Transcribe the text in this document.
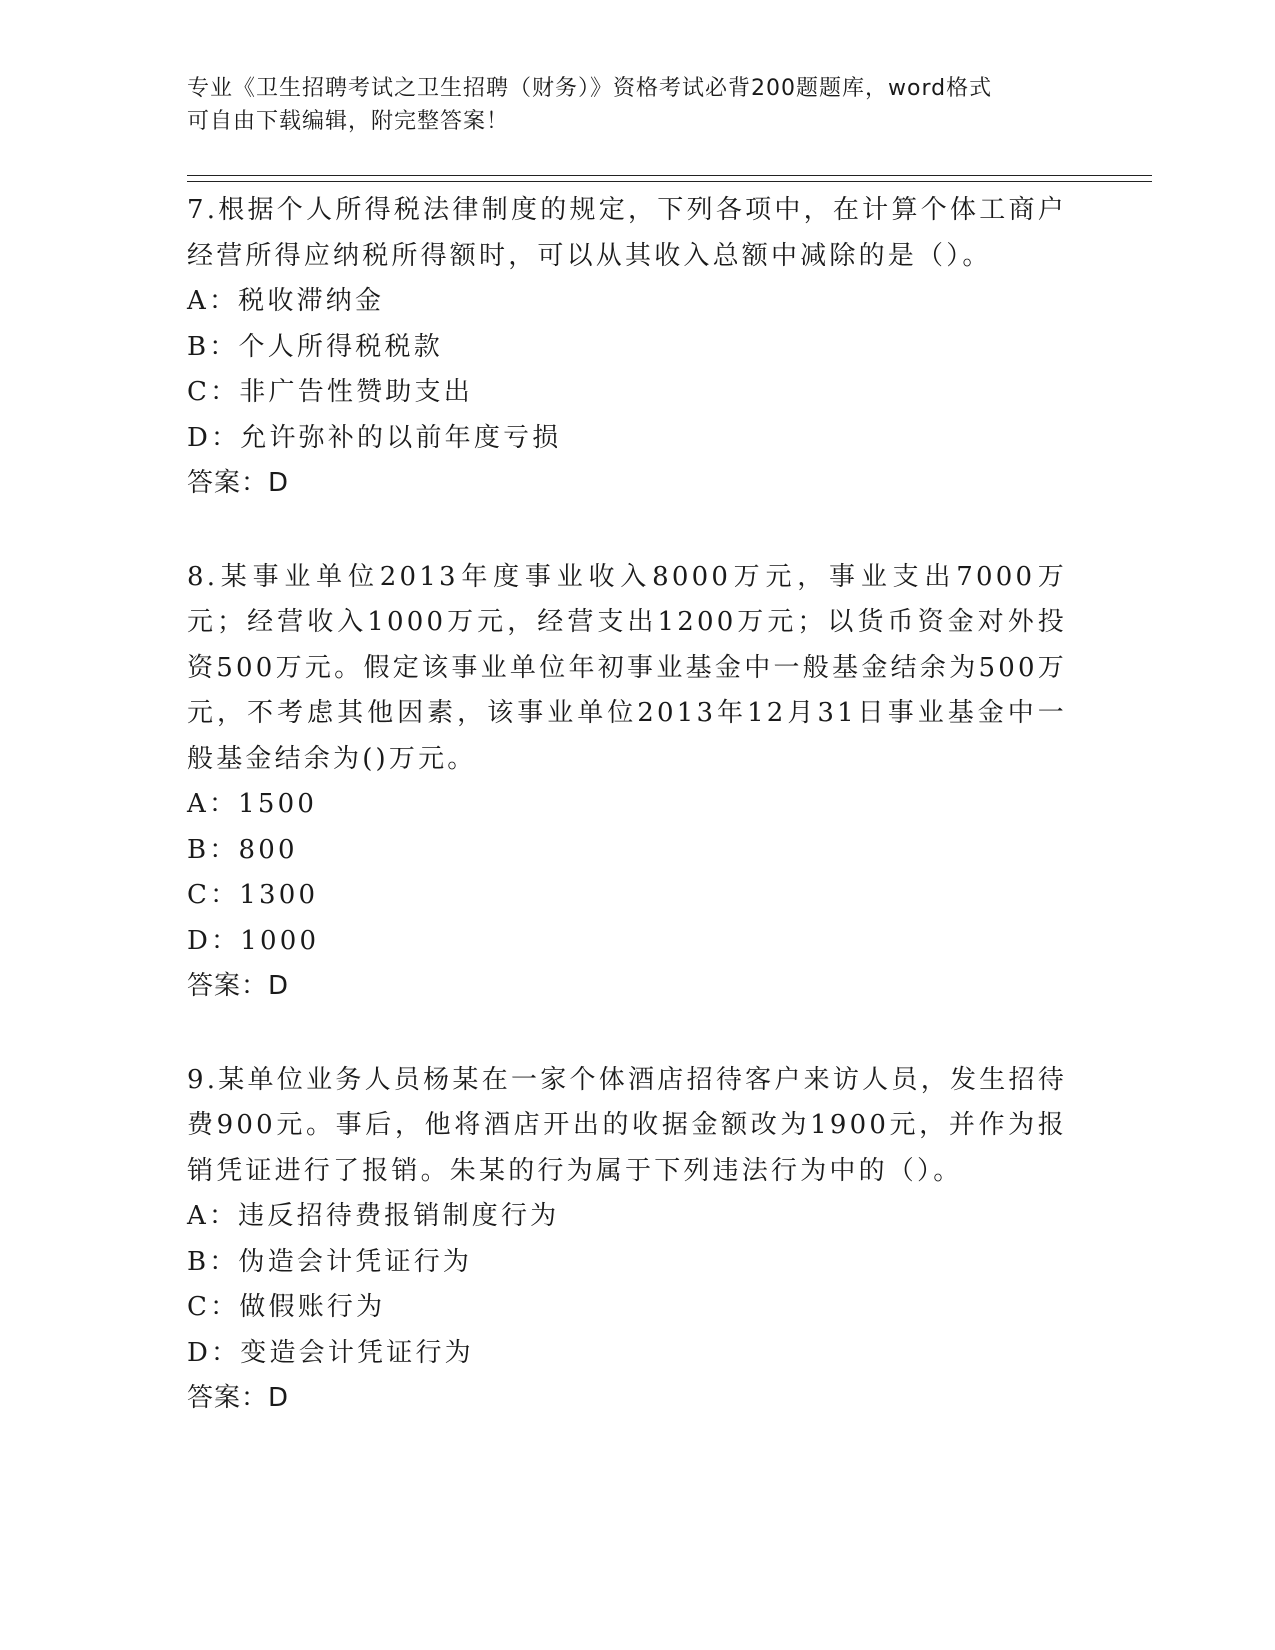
专业《卫生招聘考试之卫生招聘（财务）》资格考试必背200题题库，word格式

可自由下载编辑，附完整答案！

7.根据个人所得税法律制度的规定，下列各项中，在计算个体工商户经营所得应纳税所得额时，可以从其收入总额中减除的是（）。

A：税收滞纳金

B：个人所得税税款

C：非广告性赞助支出

D：允许弥补的以前年度亏损

答案：D

8.某事业单位2013年度事业收入8000万元，事业支出7000万元；经营收入1000万元，经营支出1200万元；以货币资金对外投资500万元。假定该事业单位年初事业基金中一般基金结余为500万元，不考虑其他因素，该事业单位2013年12月31日事业基金中一般基金结余为()万元。

A：1500

B：800

C：1300

D：1000

答案：D

9.某单位业务人员杨某在一家个体酒店招待客户来访人员，发生招待费900元。事后，他将酒店开出的收据金额改为1900元，并作为报销凭证进行了报销。朱某的行为属于下列违法行为中的（）。

A：违反招待费报销制度行为

B：伪造会计凭证行为

C：做假账行为

D：变造会计凭证行为

答案：D
